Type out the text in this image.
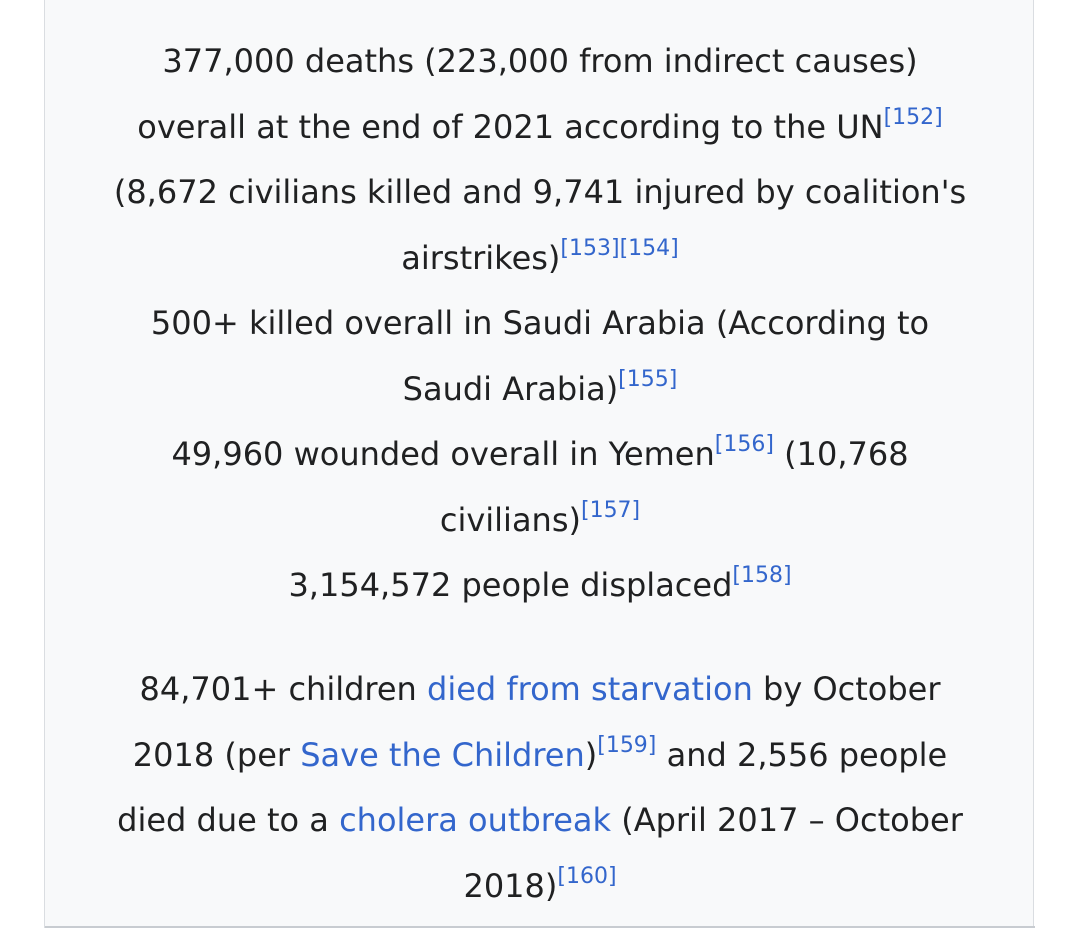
377,000 deaths (223,000 from indirect causes)
overall at the end of 2021 according to the UN[152]
(8,672 civilians killed and 9,741 injured by coalition's
airstrikes)[153][154]
500+ killed overall in Saudi Arabia (According to
Saudi Arabia)[155]
49,960 wounded overall in Yemen[156] (10,768
civilians)[157]
3,154,572 people displaced[158]
84,701+ children died from starvation by October
2018 (per Save the Children)[159] and 2,556 people
died due to a cholera outbreak (April 2017 – October
2018)[160]
